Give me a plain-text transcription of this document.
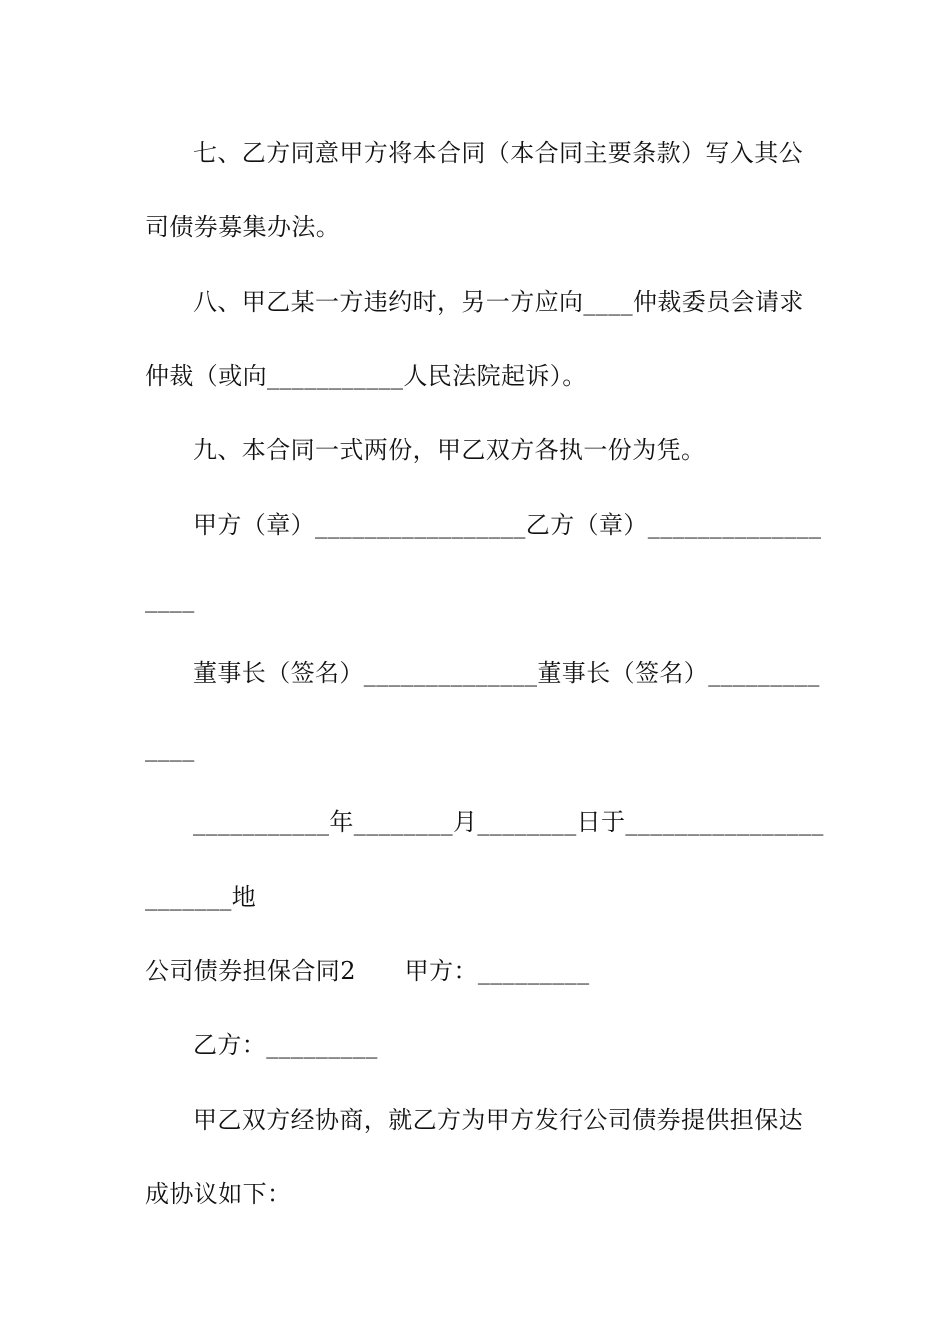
七、乙方同意甲方将本合同（本合同主要条款）写入其公
司债券募集办法。
八、甲乙某一方违约时，另一方应向____仲裁委员会请求
仲裁（或向___________人民法院起诉）。
九、本合同一式两份，甲乙双方各执一份为凭。
甲方（章）_________________乙方（章）______________
____
董事长（签名）______________董事长（签名）_________
____
___________年________月________日于________________
_______地
公司债券担保合同2　　甲方：_________
乙方：_________
甲乙双方经协商，就乙方为甲方发行公司债券提供担保达
成协议如下：
